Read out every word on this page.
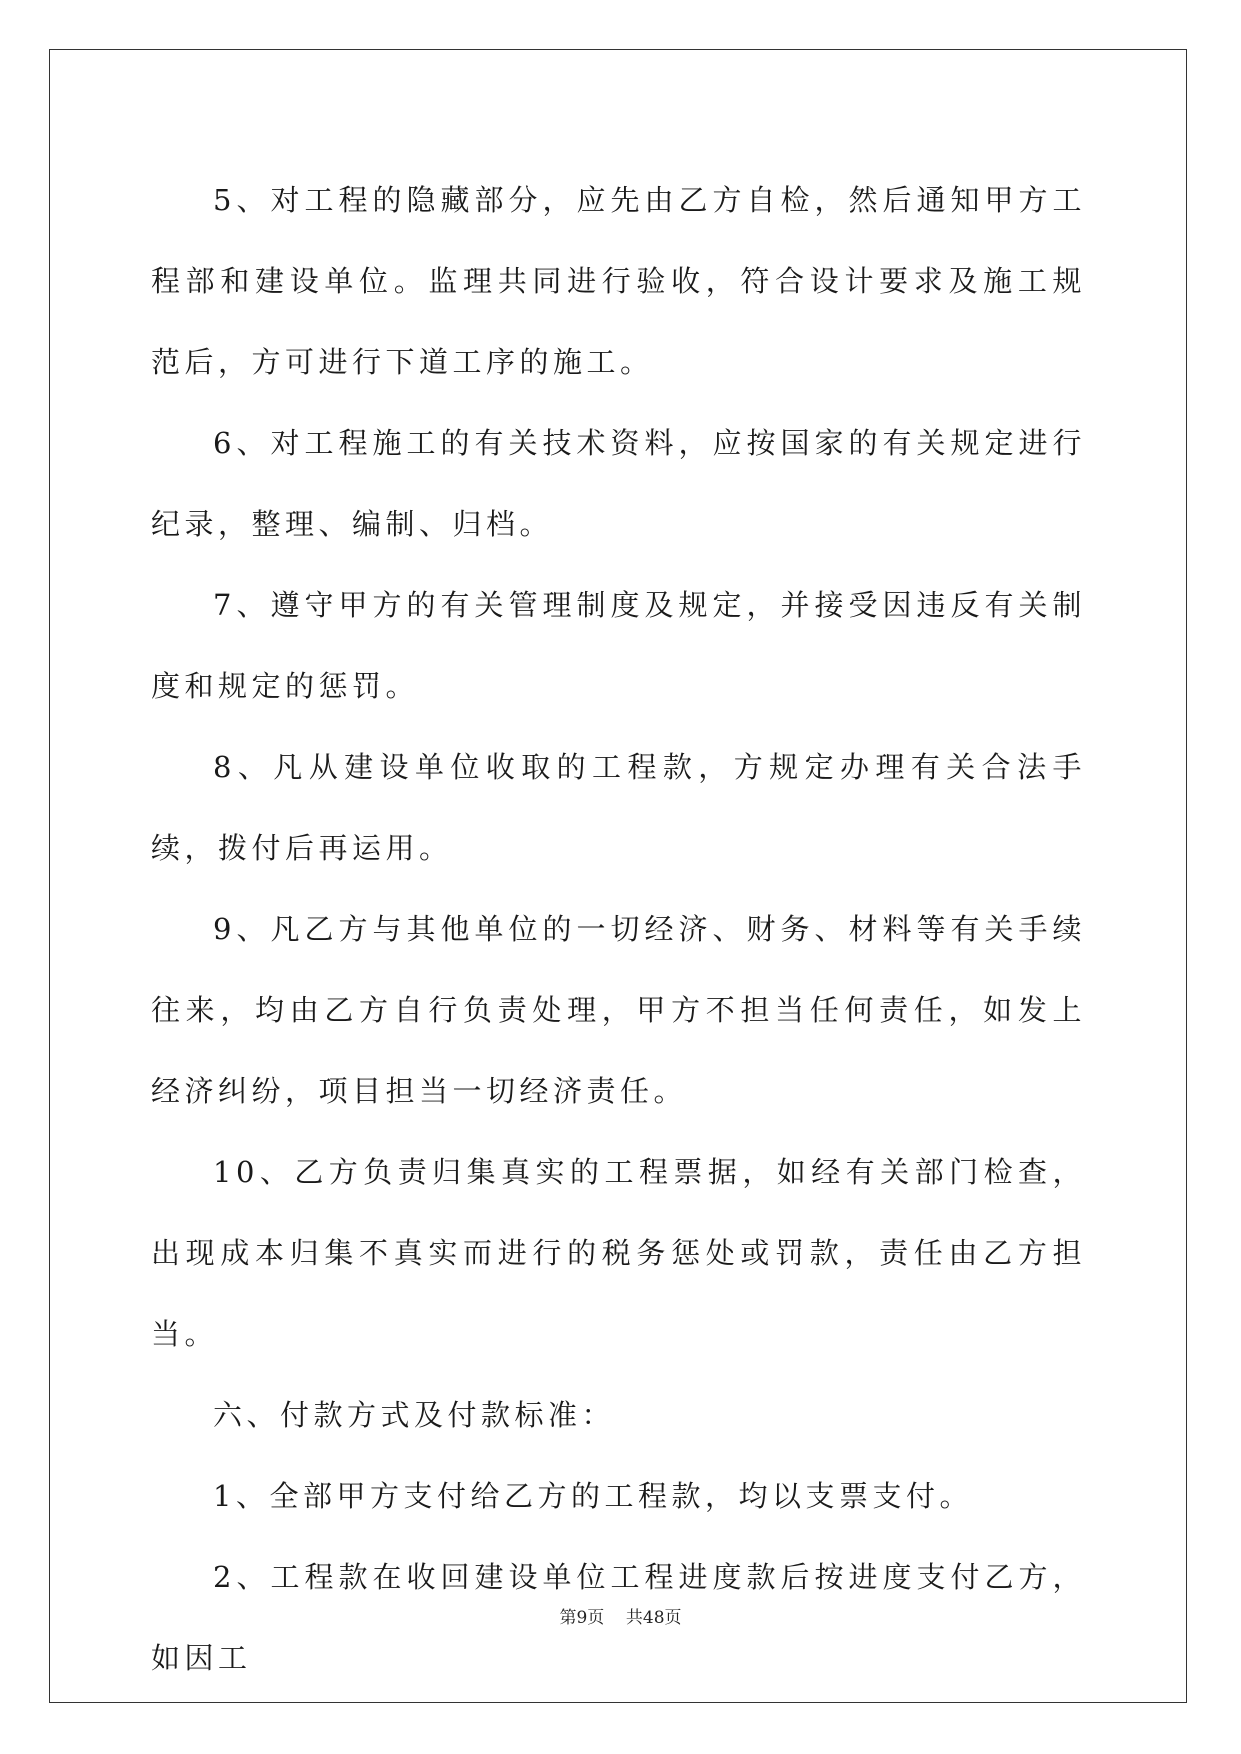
5、对工程的隐藏部分，应先由乙方自检，然后通知甲方工程部和建设单位。监理共同进行验收，符合设计要求及施工规范后，方可进行下道工序的施工。

6、对工程施工的有关技术资料，应按国家的有关规定进行纪录，整理、编制、归档。

7、遵守甲方的有关管理制度及规定，并接受因违反有关制度和规定的惩罚。

8、凡从建设单位收取的工程款，方规定办理有关合法手续，拨付后再运用。

9、凡乙方与其他单位的一切经济、财务、材料等有关手续往来，均由乙方自行负责处理，甲方不担当任何责任，如发上经济纠纷，项目担当一切经济责任。

10、乙方负责归集真实的工程票据，如经有关部门检查，出现成本归集不真实而进行的税务惩处或罚款，责任由乙方担当。

六、付款方式及付款标准：

1、全部甲方支付给乙方的工程款，均以支票支付。

2、工程款在收回建设单位工程进度款后按进度支付乙方，如因工

第9页    共48页
